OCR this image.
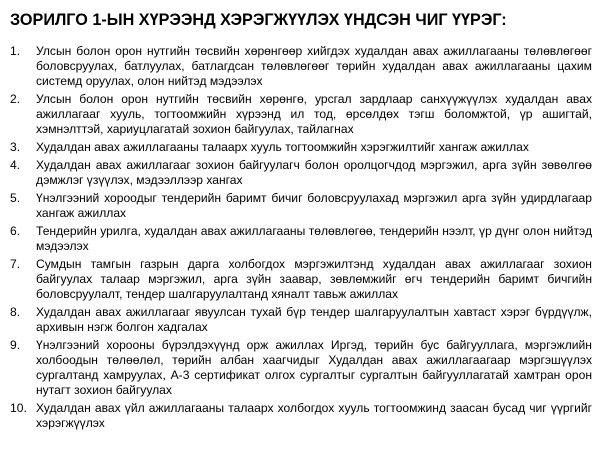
ЗОРИЛГО 1-ЫН ХҮРЭЭНД ХЭРЭГЖҮҮЛЭХ ҮНДСЭН ЧИГ ҮҮРЭГ:
1. Улсын болон орон нутгийн төсвийн хөрөнгөөр хийгдэх худалдан авах ажиллагааны төлөвлөгөөг боловсруулах, батлуулах, батлагдсан төлөвлөгөөг төрийн худалдан авах ажиллагааны цахим системд оруулах, олон нийтэд мэдээлэх
2. Улсын болон орон нутгийн төсвийн хөрөнгө, урсгал зардлаар санхүүжүүлэх худалдан авах ажиллагааг хууль, тогтоомжийн хүрээнд ил тод, өрсөлдөх тэгш боломжтой, үр ашигтай, хэмнэлттэй, хариуцлагатай зохион байгуулах, тайлагнах
3. Худалдан авах ажиллагааны талаарх хууль тогтоомжийн хэрэгжилтийг хангаж ажиллах
4. Худалдан авах ажиллагааг зохион байгуулагч болон оролцогчдод мэргэжил, арга зүйн зөвөлгөө дэмжлэг үзүүлэх, мэдээллээр хангах
5. Үнэлгээний хороодыг тендерийн баримт бичиг боловсруулахад мэргэжил арга зүйн удирдлагаар хангаж ажиллах
6. Тендерийн урилга, худалдан авах ажиллагааны төлөвлөгөө, тендерийн нээлт, үр дүнг олон нийтэд мэдээлэх
7. Сумдын тамгын газрын дарга холбогдох мэргэжилтэнд худалдан авах ажиллагааг зохион байгуулах талаар мэргэжил, арга зүйн заавар, зөвлөмжийг өгч тендерийн баримт бичгийн боловсруулалт, тендер шалгаруулалтанд хяналт тавьж ажиллах
8. Худалдан авах ажиллагааг явуулсан тухай бүр тендер шалгаруулалтын хавтаст хэрэг бүрдүүлж, архивын нэгж болгон хадгалах
9. Үнэлгээний хорооны бүрэлдэхүүнд орж ажиллах Иргэд, төрийн бус байгууллага, мэргэжлийн холбоодын төлөөлөл, төрийн албан хаагчидыг Худалдан авах ажиллагаагаар мэргэшүүлэх сургалтанд хамруулах, А-3 сертификат олгох сургалтыг сургалтын байгууллагатай хамтран орон нутагт зохион байгуулах
10. Худалдан авах үйл ажиллагааны талаарх холбогдох хууль тогтоомжинд заасан бусад чиг үүргийг хэрэгжүүлэх
